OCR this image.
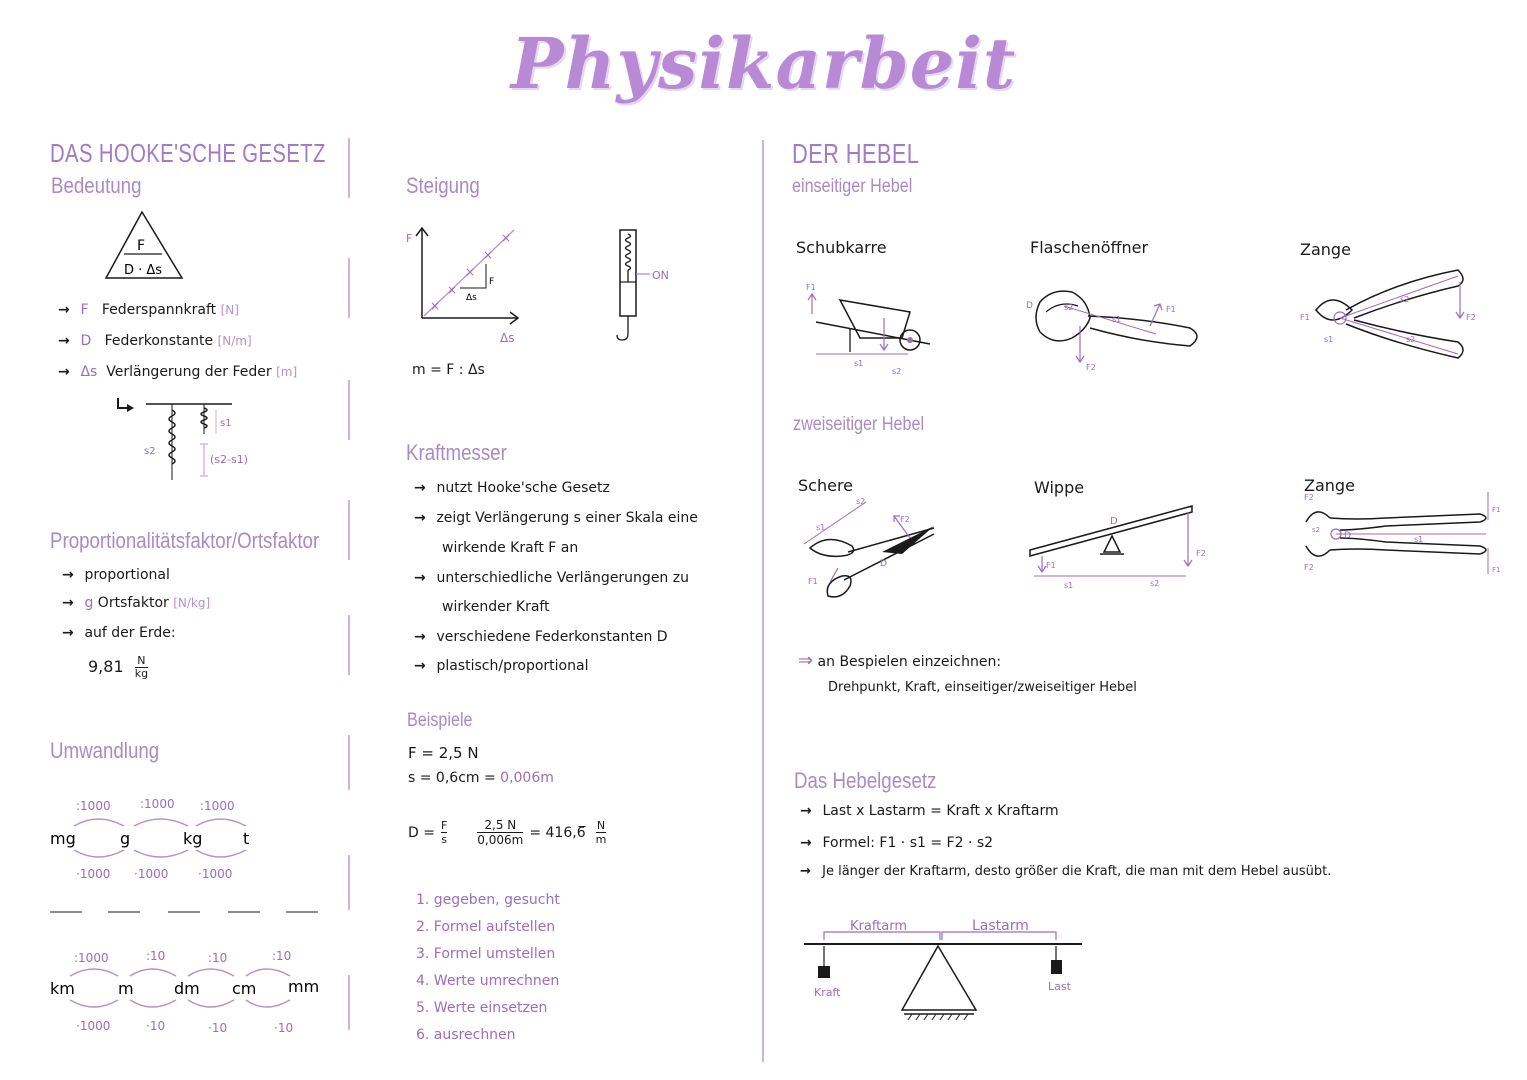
Physikarbeit
DAS HOOKE'SCHE GESETZ
Bedeutung
F
D · Δs
→ F Federspannkraft [N]
→ D Federkonstante [N/m]
→ Δs Verlängerung der Feder [m]
s1
s2
(s2-s1)
Proportionalitätsfaktor/Ortsfaktor
→ proportional
→ g Ortsfaktor [N/kg]
→ auf der Erde:
$9,81 \frac{N}{kg}$
Umwandlung
mg	g	kg	t
:1000 :1000 :1000
·1000 ·1000 ·1000
km	m	dm cm mm
:1000	:10	:10	:10
·1000	·10	·10	·10
Steigung
×
×
×
×
×
F
Δs
F
Δs
ON
m = F : Δs
Kraftmesser
→ nutzt Hooke'sche Gesetz
→ zeigt Verlängerung s einer Skala eine
wirkende Kraft F an
→ unterschiedliche Verlängerungen zu
wirkender Kraft
→ verschiedene Federkonstanten D
→ plastisch/proportional
Beispiele
F = 2,5 N
s = 0,6cm = 0,006m
$D = \frac{F}{s}$	$\frac{2,5 N}{0,006m}$ = 416,6̅ $\frac{N}{m}$
1. gegeben, gesucht
2. Formel aufstellen
3. Formel umstellen
4. Werte umrechnen
5. Werte einsetzen
6. ausrechnen
DER HEBEL
einseitiger Hebel
Schubkarre	Flaschenöffner	Zange
F1
s1
s2
D	s2
s1
F1
F2
F1	F2
s2
s2
s1
zweiseitiger Hebel
Schere	Wippe	Zange
s1
s2
F2
F1
D
D
F1
F2
s1	s2
F2
F2
s2
D	s1
F1
F1
⇒ an Bespielen einzeichnen:
Drehpunkt, Kraft, einseitiger/zweiseitiger Hebel
Das Hebelgesetz
→ Last x Lastarm = Kraft x Kraftarm
→ Formel: F1 · s1 = F2 · s2
→ Je länger der Kraftarm, desto größer die Kraft, die man mit dem Hebel ausübt.
Kraftarm	Lastarm
Kraft	Last
